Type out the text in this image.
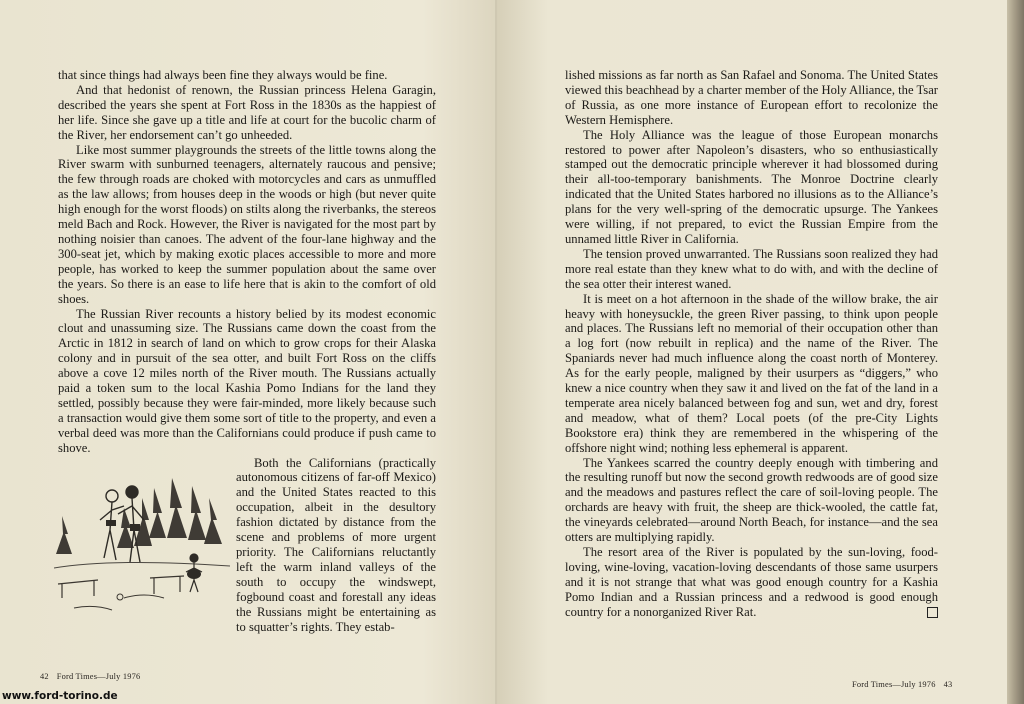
that since things had always been fine they always would be fine.

And that hedonist of renown, the Russian princess Helena Garagin, described the years she spent at Fort Ross in the 1830s as the happiest of her life. Since she gave up a title and life at court for the bucolic charm of the River, her endorsement can’t go unheeded.

Like most summer playgrounds the streets of the little towns along the River swarm with sunburned teenagers, alternately raucous and pensive; the few through roads are choked with motorcycles and cars as unmuffled as the law allows; from houses deep in the woods or high (but never quite high enough for the worst floods) on stilts along the riverbanks, the stereos meld Bach and Rock. However, the River is navigated for the most part by nothing noisier than canoes. The advent of the four-lane highway and the 300-seat jet, which by making exotic places accessible to more and more people, has worked to keep the summer population about the same over the years. So there is an ease to life here that is akin to the comfort of old shoes.

The Russian River recounts a history belied by its modest economic clout and unassuming size. The Russians came down the coast from the Arctic in 1812 in search of land on which to grow crops for their Alaska colony and in pursuit of the sea otter, and built Fort Ross on the cliffs above a cove 12 miles north of the River mouth. The Russians actually paid a token sum to the local Kashia Pomo Indians for the land they settled, possibly because they were fair-minded, more likely because such a transaction would give them some sort of title to the property, and even a verbal deed was more than the Californians could produce if push came to shove.

Both the Californians (practically autonomous citizens of far-off Mexico) and the United States reacted to this occupation, albeit in the desultory fashion dictated by distance from the scene and problems of more urgent priority. The Californians reluctantly left the warm inland valleys of the south to occupy the windswept, fogbound coast and forestall any ideas the Russians might be entertaining as to squatter’s rights. They estab-

lished missions as far north as San Rafael and Sonoma. The United States viewed this beachhead by a charter member of the Holy Alliance, the Tsar of Russia, as one more instance of European effort to recolonize the Western Hemisphere.

The Holy Alliance was the league of those European monarchs restored to power after Napoleon’s disasters, who so enthusiastically stamped out the democratic principle wherever it had blossomed during their all-too-temporary banishments. The Monroe Doctrine clearly indicated that the United States harbored no illusions as to the Alliance’s plans for the very well-spring of the democratic upsurge. The Yankees were willing, if not prepared, to evict the Russian Empire from the unnamed little River in California.

The tension proved unwarranted. The Russians soon realized they had more real estate than they knew what to do with, and with the decline of the sea otter their interest waned.

It is meet on a hot afternoon in the shade of the willow brake, the air heavy with honeysuckle, the green River passing, to think upon people and places. The Russians left no memorial of their occupation other than a log fort (now rebuilt in replica) and the name of the River. The Spaniards never had much influence along the coast north of Monterey. As for the early people, maligned by their usurpers as “diggers,” who knew a nice country when they saw it and lived on the fat of the land in a temperate area nicely balanced between fog and sun, wet and dry, forest and meadow, what of them? Local poets (of the pre-City Lights Bookstore era) think they are remembered in the whispering of the offshore night wind; nothing less ephemeral is apparent.

The Yankees scarred the country deeply enough with timbering and the resulting runoff but now the second growth redwoods are of good size and the meadows and pastures reflect the care of soil-loving people. The orchards are heavy with fruit, the sheep are thick-wooled, the cattle fat, the vineyards celebrated—around North Beach, for instance—and the sea otters are multiplying rapidly.

The resort area of the River is populated by the sun-loving, food-loving, wine-loving, vacation-loving descendants of those same usurpers and it is not strange that what was good enough country for a Kashia Pomo Indian and a Russian princess and a redwood is good enough country for a nonorganized River Rat.

42 Ford Times—July 1976
Ford Times—July 1976 43
www.ford-torino.de
